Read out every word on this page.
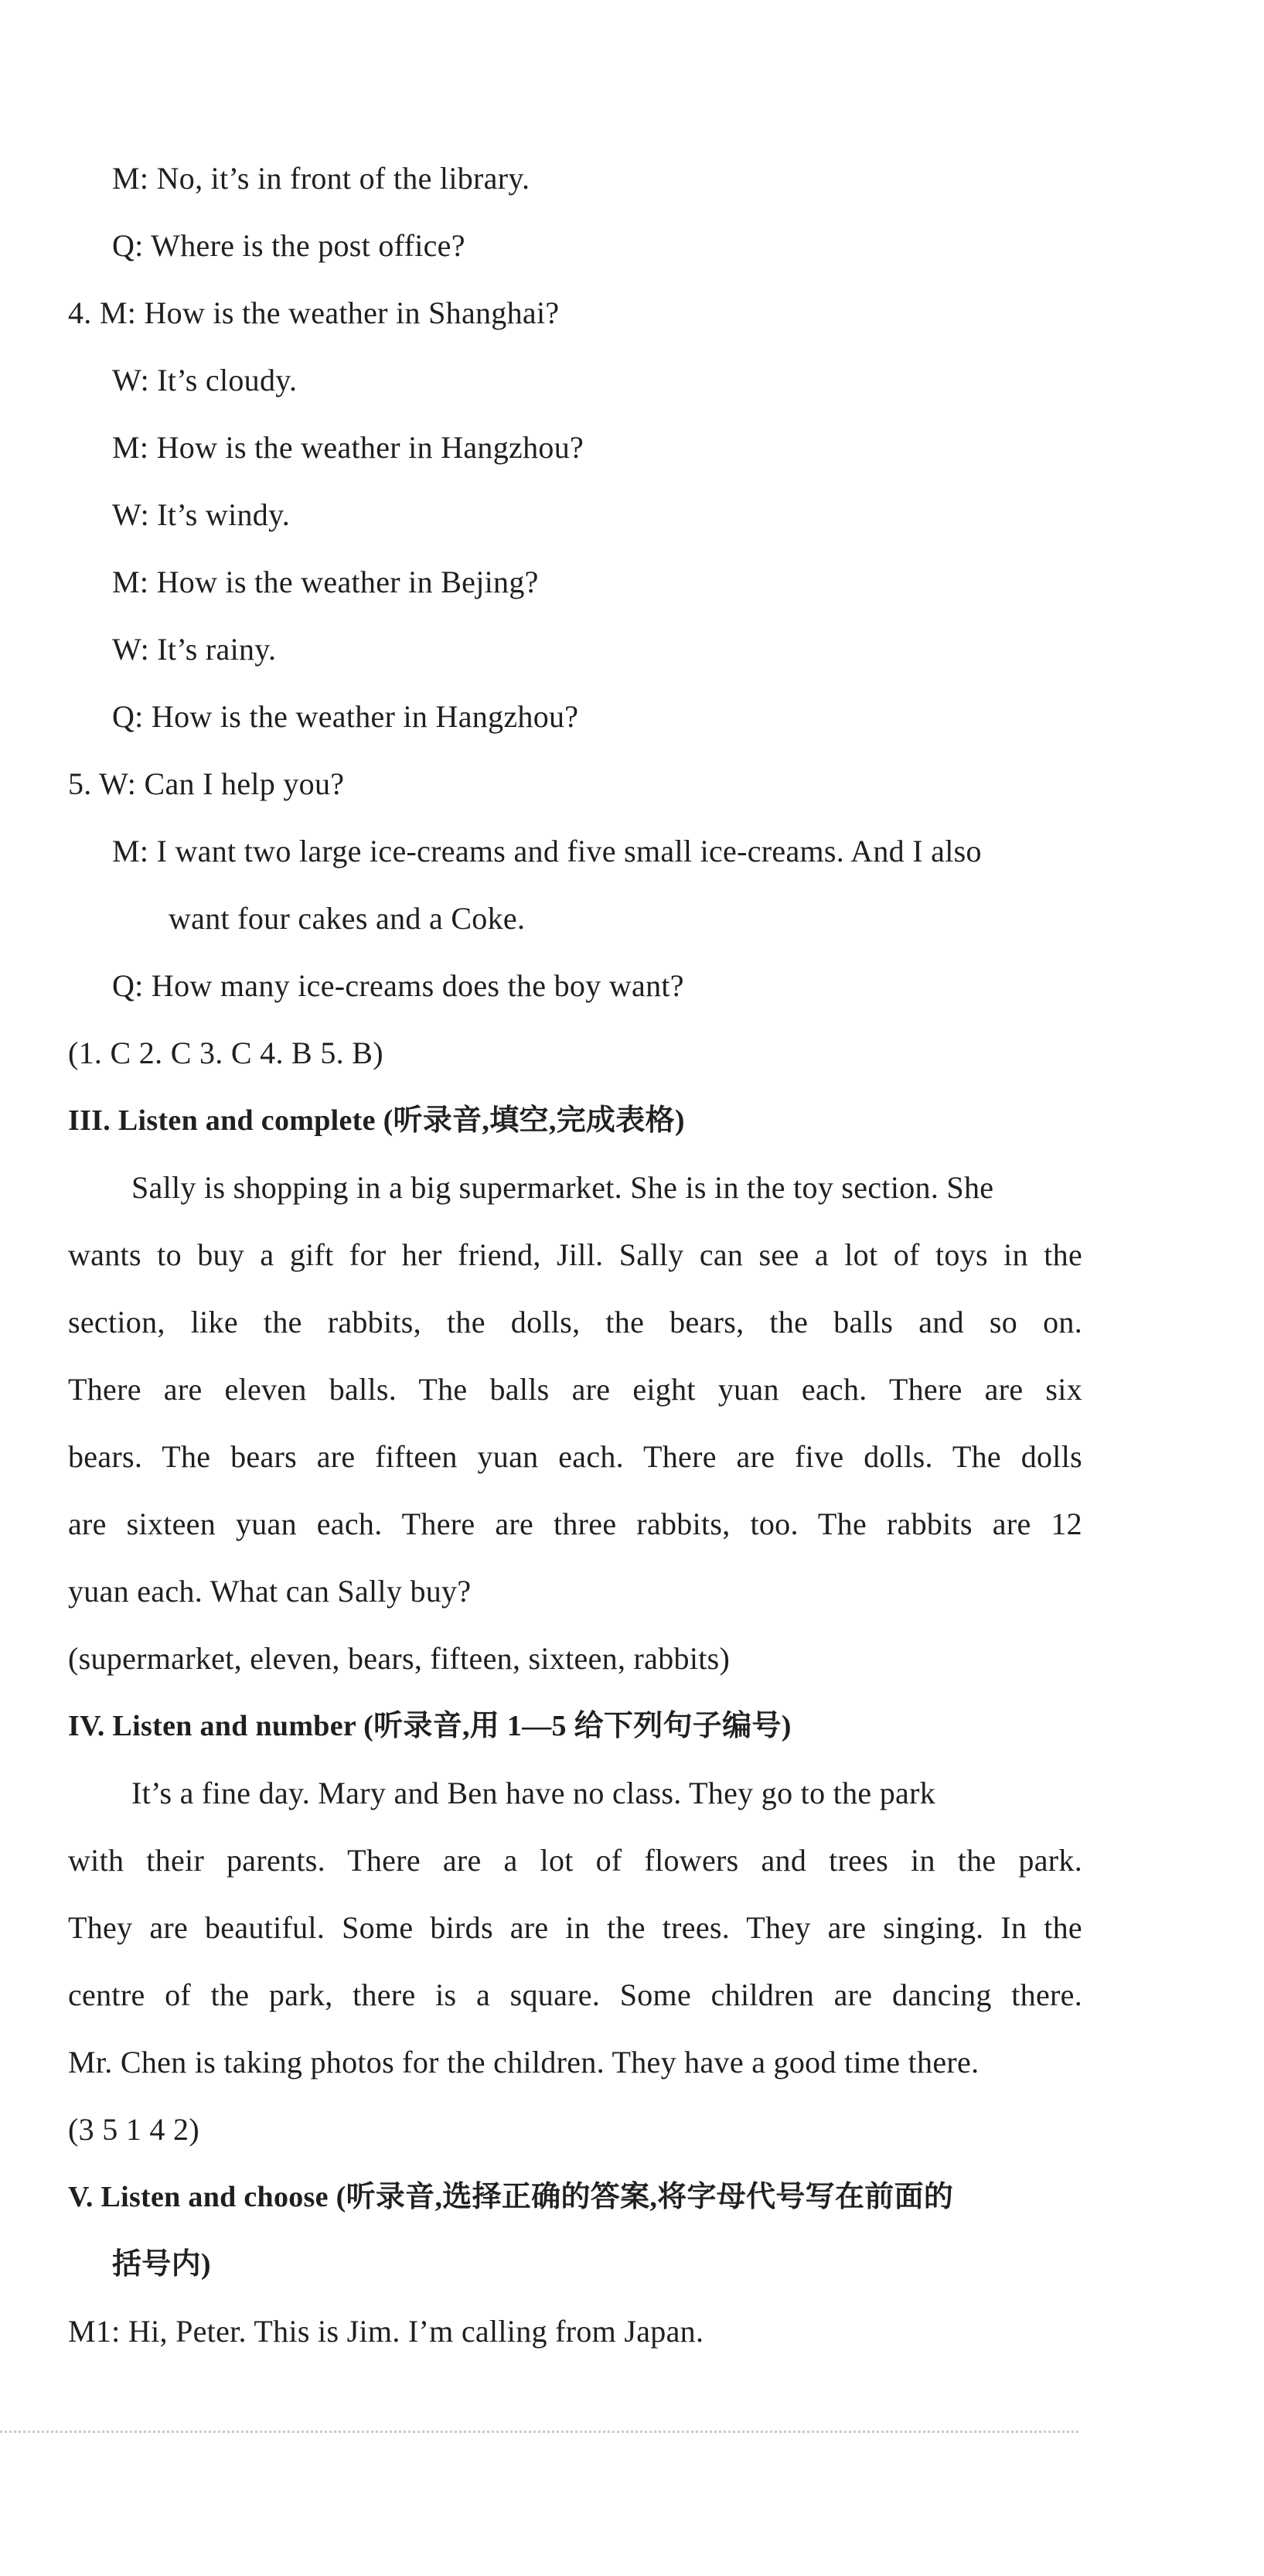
M: No, it’s in front of the library.
Q: Where is the post office?
4. M: How is the weather in Shanghai?
W: It’s cloudy.
M: How is the weather in Hangzhou?
W: It’s windy.
M: How is the weather in Bejing?
W: It’s rainy.
Q: How is the weather in Hangzhou?
5. W: Can I help you?
M: I want two large ice-creams and five small ice-creams. And I also
want four cakes and a Coke.
Q: How many ice-creams does the boy want?
(1. C 2. C 3. C 4. B 5. B)
III. Listen and complete (听录音,填空,完成表格)
Sally is shopping in a big supermarket. She is in the toy section. She
wants to buy a gift for her friend, Jill. Sally can see a lot of toys in the
section, like the rabbits, the dolls, the bears, the balls and so on.
There are eleven balls. The balls are eight yuan each. There are six
bears. The bears are fifteen yuan each. There are five dolls. The dolls
are sixteen yuan each. There are three rabbits, too. The rabbits are 12
yuan each. What can Sally buy?
(supermarket, eleven, bears, fifteen, sixteen, rabbits)
IV. Listen and number (听录音,用 1—5 给下列句子编号)
It’s a fine day. Mary and Ben have no class. They go to the park
with their parents. There are a lot of flowers and trees in the park.
They are beautiful. Some birds are in the trees. They are singing. In the
centre of the park, there is a square. Some children are dancing there.
Mr. Chen is taking photos for the children. They have a good time there.
(3 5 1 4 2)
V. Listen and choose (听录音,选择正确的答案,将字母代号写在前面的
括号内)
M1: Hi, Peter. This is Jim. I’m calling from Japan.
